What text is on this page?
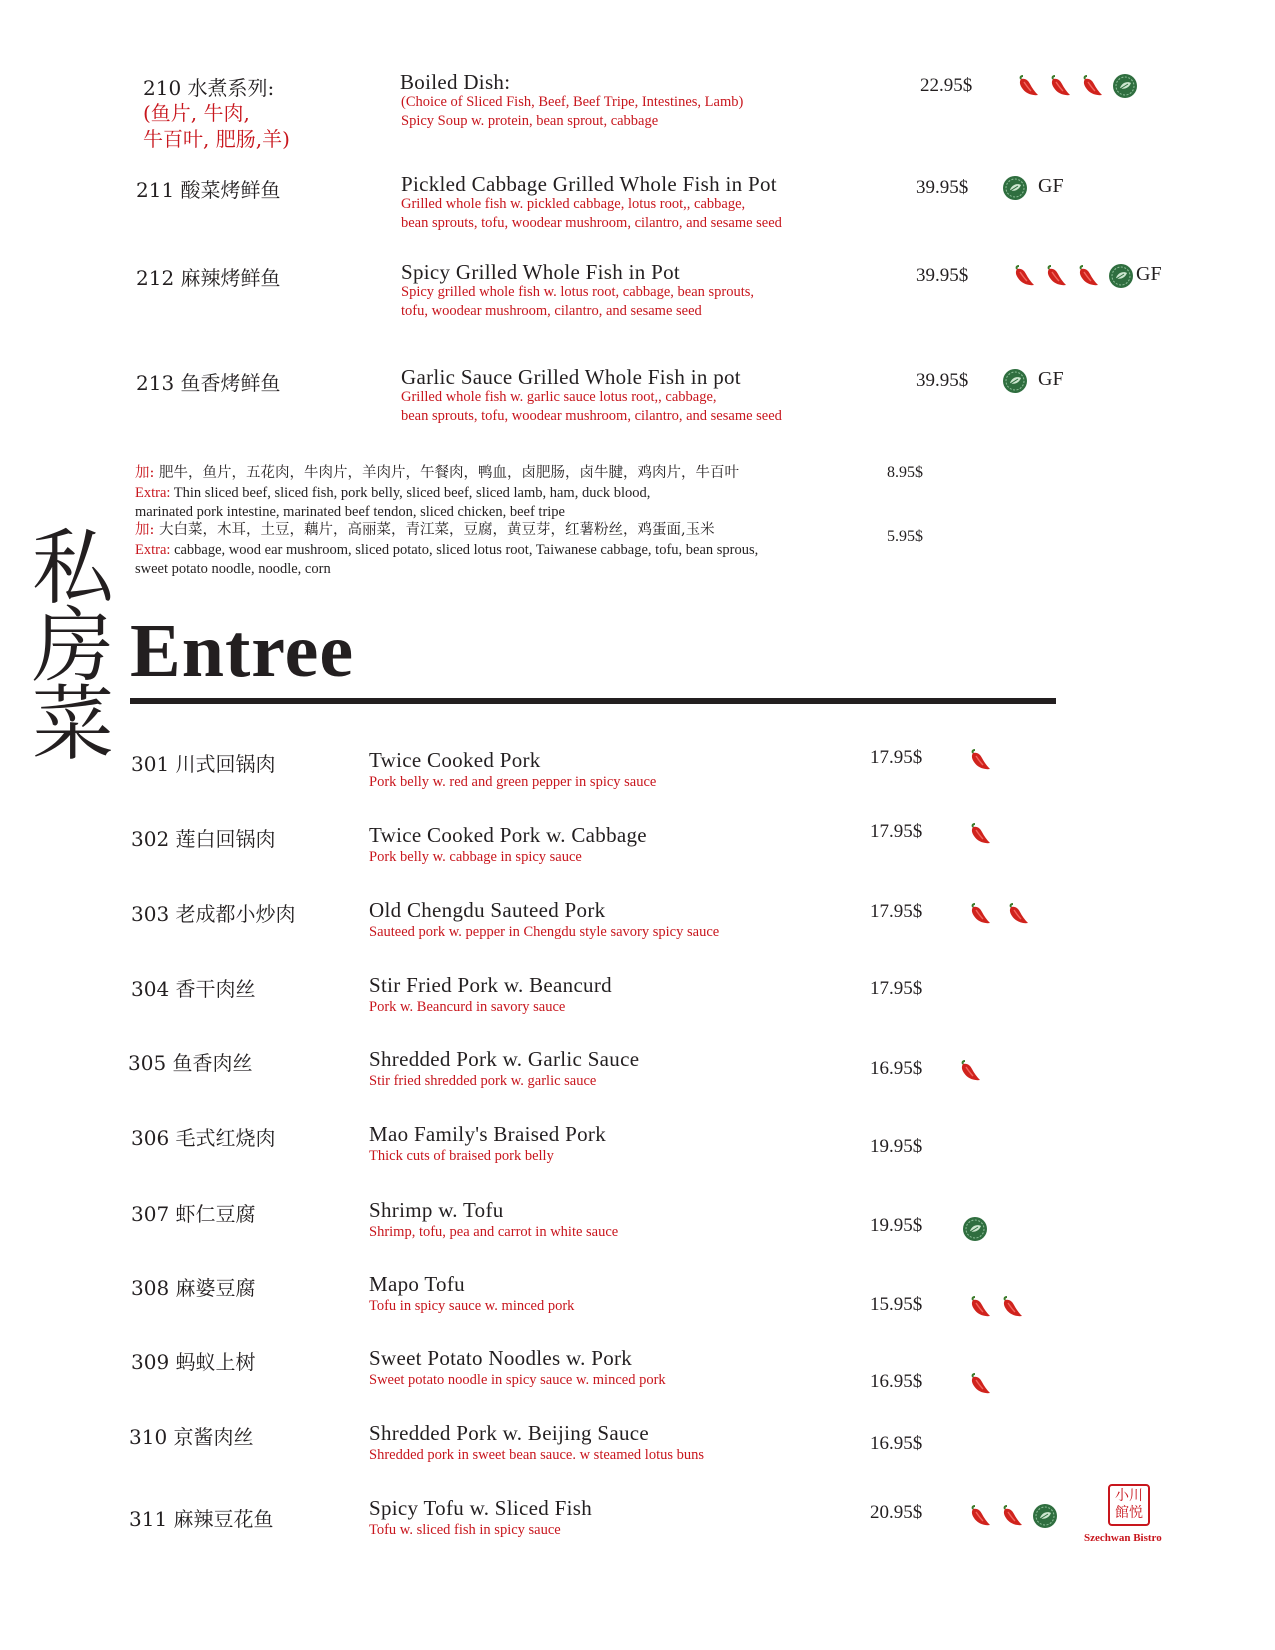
210 水煮系列:
(鱼片, 牛肉,
牛百叶, 肥肠,羊)
Boiled Dish:
(Choice of Sliced Fish, Beef, Beef Tripe, Intestines, Lamb)
Spicy Soup w. protein, bean sprout, cabbage
22.95$
211 酸菜烤鲜鱼	Pickled Cabbage Grilled Whole Fish in Pot
Grilled whole fish w. pickled cabbage, lotus root,, cabbage,
bean sprouts, tofu, woodear mushroom, cilantro, and sesame seed
39.95$	GF
212 麻辣烤鲜鱼	Spicy Grilled Whole Fish in Pot
Spicy grilled whole fish w. lotus root, cabbage, bean sprouts,
tofu, woodear mushroom, cilantro, and sesame seed
39.95$	GF
213 鱼香烤鲜鱼	Garlic Sauce Grilled Whole Fish in pot
Grilled whole fish w. garlic sauce lotus root,, cabbage,
bean sprouts, tofu, woodear mushroom, cilantro, and sesame seed
39.95$	GF
加: 肥牛，鱼片，五花肉，牛肉片，羊肉片，午餐肉，鸭血，卤肥肠，卤牛腱，鸡肉片，牛百叶
Extra: Thin sliced beef, sliced fish, pork belly, sliced beef, sliced lamb, ham, duck blood,
marinated pork intestine, marinated beef tendon, sliced chicken, beef tripe
8.95$
加: 大白菜，木耳，土豆，藕片，高丽菜，青江菜，豆腐，黄豆芽，红薯粉丝，鸡蛋面,玉米
Extra: cabbage, wood ear mushroom, sliced potato, sliced lotus root, Taiwanese cabbage, tofu, bean sprous,
sweet potato noodle, noodle, corn
5.95$
私
房
菜
Entree
301 川式回锅肉	Twice Cooked Pork
Pork belly w. red and green pepper in spicy sauce
17.95$
302 莲白回锅肉	Twice Cooked Pork w. Cabbage
Pork belly w. cabbage in spicy sauce
17.95$
303 老成都小炒肉	Old Chengdu Sauteed Pork
Sauteed pork w. pepper in Chengdu style savory spicy sauce
17.95$
304 香干肉丝	Stir Fried Pork w. Beancurd
Pork w. Beancurd in savory sauce
17.95$
305 鱼香肉丝	Shredded Pork w. Garlic Sauce
Stir fried shredded pork w. garlic sauce
16.95$
306 毛式红烧肉	Mao Family's Braised Pork
Thick cuts of braised pork belly	19.95$
307 虾仁豆腐	Shrimp w. Tofu
Shrimp, tofu, pea and carrot in white sauce	19.95$
308 麻婆豆腐	Mapo Tofu
Tofu in spicy sauce w. minced pork	15.95$
309 蚂蚁上树	Sweet Potato Noodles w. Pork
Sweet potato noodle in spicy sauce w. minced pork	16.95$
310 京酱肉丝	Shredded Pork w. Beijing Sauce
Shredded pork in sweet bean sauce. w steamed lotus buns
16.95$
311 麻辣豆花鱼	Spicy Tofu w. Sliced Fish
Tofu w. sliced fish in spicy sauce
20.95$
小川館悦
Szechwan Bistro
